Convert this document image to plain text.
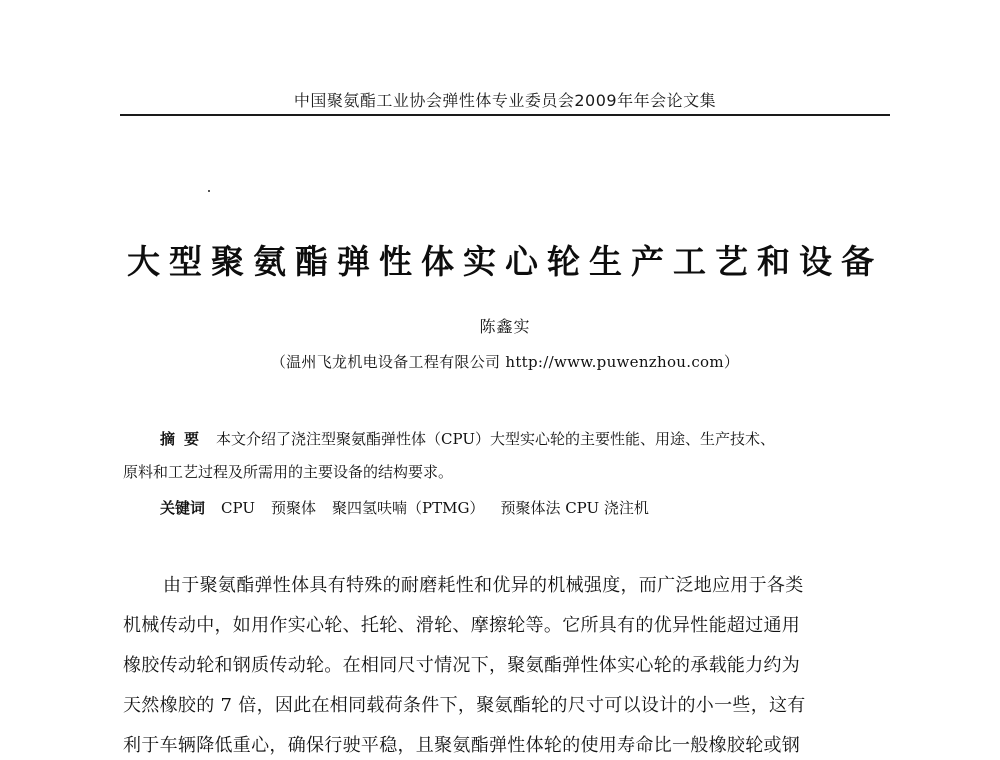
中国聚氨酯工业协会弹性体专业委员会2009年年会论文集
大型聚氨酯弹性体实心轮生产工艺和设备
陈鑫实
（温州飞龙机电设备工程有限公司 http://www.puwenzhou.com）
摘要 本文介绍了浇注型聚氨酯弹性体（CPU）大型实心轮的主要性能、用途、生产技术、
原料和工艺过程及所需用的主要设备的结构要求。
关键词 CPU 预聚体 聚四氢呋喃（PTMG） 预聚体法 CPU 浇注机
由于聚氨酯弹性体具有特殊的耐磨耗性和优异的机械强度，而广泛地应用于各类
机械传动中，如用作实心轮、托轮、滑轮、摩擦轮等。它所具有的优异性能超过通用
橡胶传动轮和钢质传动轮。在相同尺寸情况下，聚氨酯弹性体实心轮的承载能力约为
天然橡胶的 7 倍，因此在相同载荷条件下，聚氨酯轮的尺寸可以设计的小一些，这有
利于车辆降低重心，确保行驶平稳，且聚氨酯弹性体轮的使用寿命比一般橡胶轮或钢
